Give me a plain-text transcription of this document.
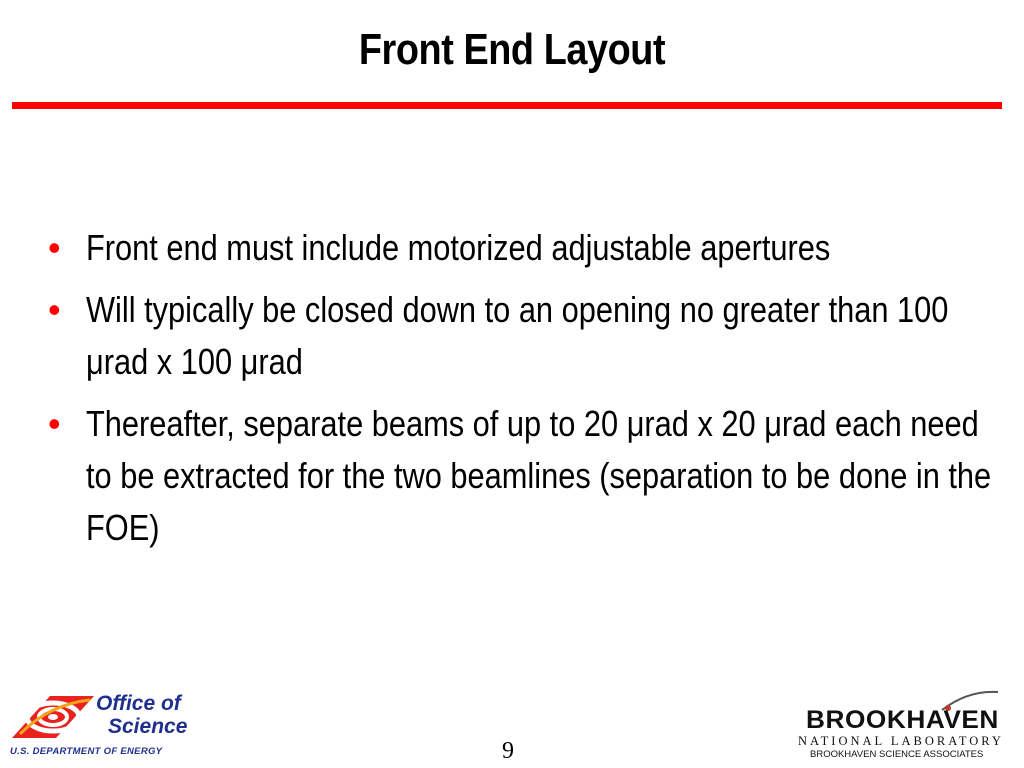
Front End Layout
• Front end must include motorized adjustable apertures
• Will typically be closed down to an opening no greater than 100 μrad x 100 μrad
• Thereafter, separate beams of up to 20 μrad x 20 μrad each need to be extracted for the two beamlines (separation to be done in the FOE)
Office of
Science
U.S. DEPARTMENT OF ENERGY	9
BROOKHAVEN
NATIONAL LABORATORY
BROOKHAVEN SCIENCE ASSOCIATES
